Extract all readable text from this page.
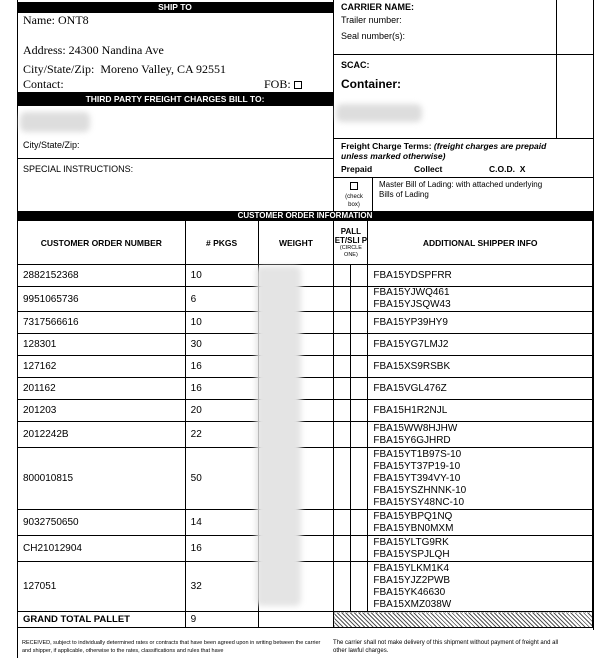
SHIP TO
Name: ONT8
Address: 24300 Nandina Ave
City/State/Zip: Moreno Valley, CA 92551
Contact:	FOB:
THIRD PARTY FREIGHT CHARGES BILL TO:
City/State/Zip:
SPECIAL INSTRUCTIONS:
CARRIER NAME:
Trailer number:
Seal number(s):
SCAC:
Container:
Freight Charge Terms: (freight charges are prepaid unless marked otherwise)
Prepaid	Collect	C.O.D. X
(check box)
Master Bill of Lading: with attached underlying Bills of Lading
CUSTOMER ORDER INFORMATION
CUSTOMER ORDER NUMBER	# PKGS	WEIGHT	PALL ET/SLI P
(CIRCLE ONE)		ADDITIONAL SHIPPER INFO
2882152368	10				FBA15YDSPFRR
9951065736	6				FBA15YJWQ461
FBA15YJSQW43
7317566616	10				FBA15YP39HY9
128301	30				FBA15YG7LMJ2
127162	16				FBA15XS9RSBK
201162	16				FBA15VGL476Z
201203	20				FBA15H1R2NJL
2012242B	22				FBA15WW8HJHW
FBA15Y6GJHRD
800010815	50				FBA15YT1B97S-10
FBA15YT37P19-10
FBA15YT394VY-10
FBA15YSZHNNK-10
FBA15YSY48NC-10
9032750650	14				FBA15YBPQ1NQ
FBA15YBN0MXM
CH21012904	16				FBA15YLTG9RK
FBA15YSPJLQH
127051	32				FBA15YLKM1K4
FBA15YJZ2PWB
FBA15YK46630
FBA15XMZ038W
GRAND TOTAL PALLET	9				
RECEIVED, subject to individually determined rates or contracts that have been agreed upon in writing between the carrier and shipper, if applicable, otherwise to the rates, classifications and rules that have
The carrier shall not make delivery of this shipment without payment of freight and all other lawful charges.
